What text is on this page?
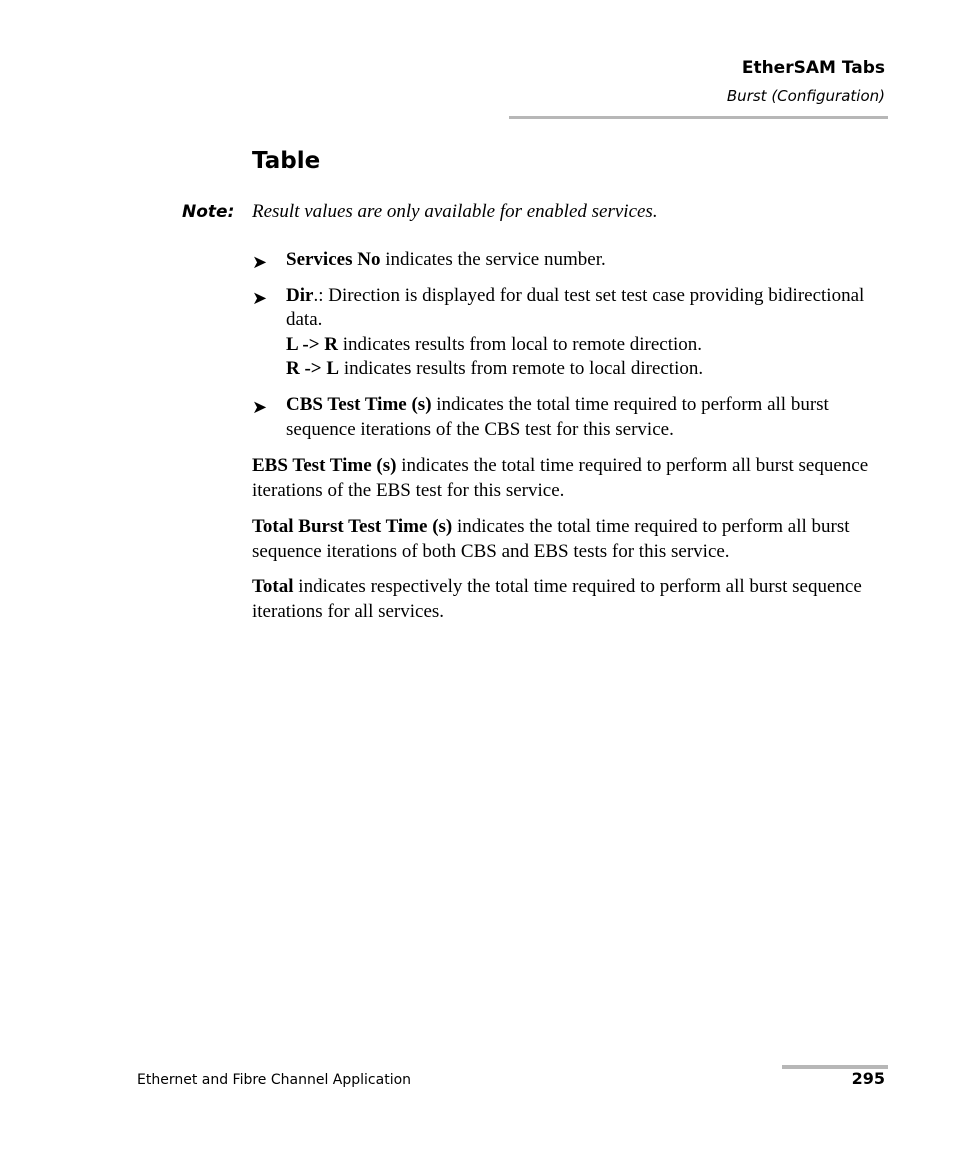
EtherSAM Tabs
Burst (Configuration)
Table
Note: Result values are only available for enabled services.
➤ Services No indicates the service number.
➤ Dir.: Direction is displayed for dual test set test case providing bidirectional data.
L -> R indicates results from local to remote direction.
R -> L indicates results from remote to local direction.
➤ CBS Test Time (s) indicates the total time required to perform all burst sequence iterations of the CBS test for this service.

EBS Test Time (s) indicates the total time required to perform all burst sequence iterations of the EBS test for this service.

Total Burst Test Time (s) indicates the total time required to perform all burst sequence iterations of both CBS and EBS tests for this service.

Total indicates respectively the total time required to perform all burst sequence iterations for all services.

Ethernet and Fibre Channel Application	295
